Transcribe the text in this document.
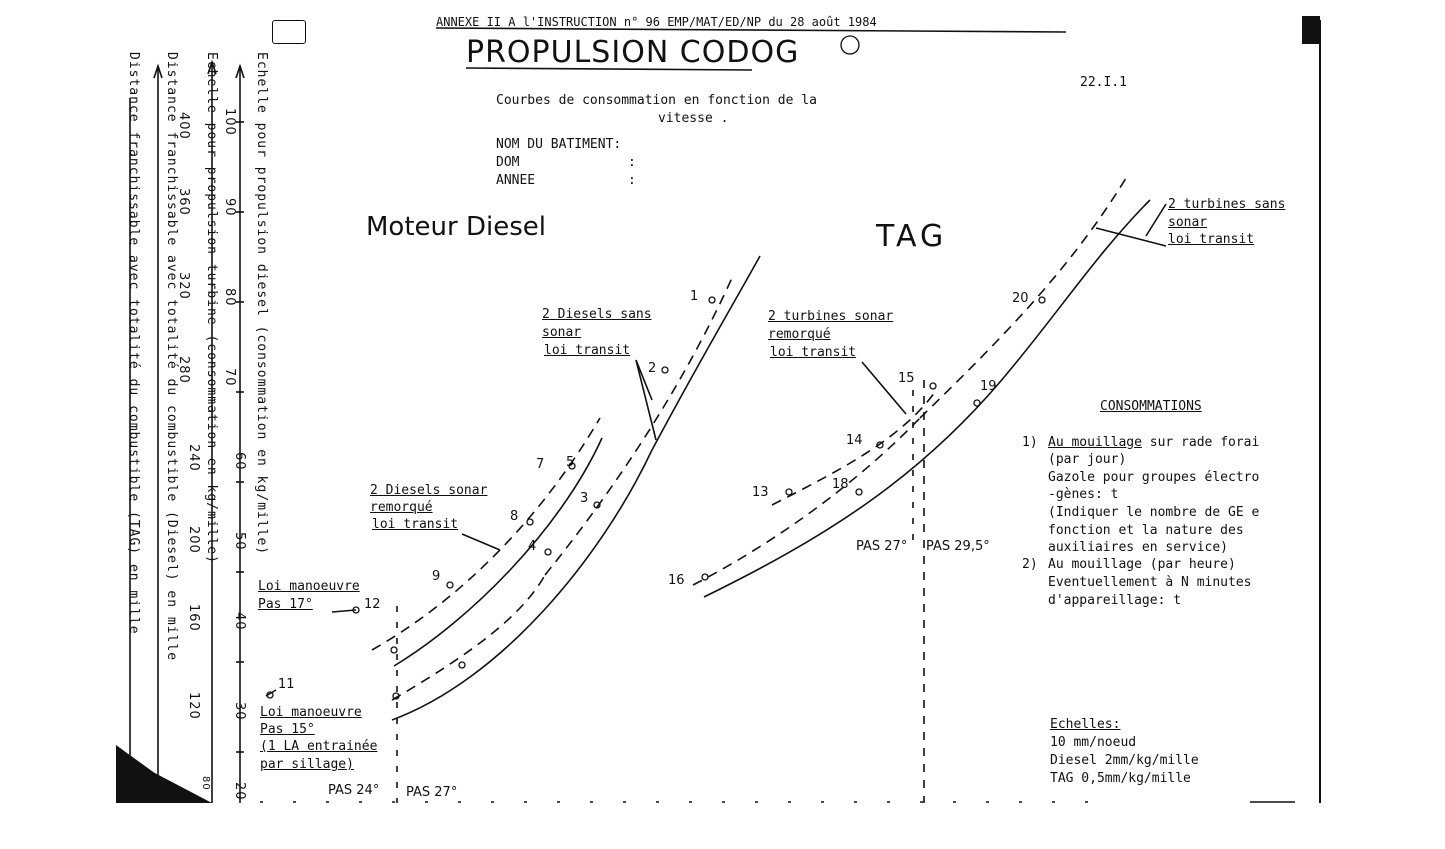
ANNEXE II A l'INSTRUCTION n° 96 EMP/MAT/ED/NP du 28 août 1984
PROPULSION CODOG
22.I.1
Courbes de consommation en fonction de la
vitesse .
NOM DU BATIMENT:
DOM	:
ANNEE	:
Moteur Diesel	TAG
Echelle pour propulsion diesel (consommation en kg/mille)
Echelle pour propulsion turbine (consommation en kg/mille)
Distance franchissable avec totalité du combustible (Diesel) en mille
Distance franchissable avec totalité du combustible (TAG) en mille	100
90
80
70
60
50
40
30
20
400
360
320
280
240
200
160
120
80
2 Diesels sans
sonar
loi transit
2 Diesels sonar
remorqué
loi transit
2 turbines sonar
remorqué
loi transit
2 turbines sans
sonar
loi transit
Loi manoeuvre
Pas 17°
Loi manoeuvre
Pas 15°
(1 LA entrainée
par sillage)
PAS 24° PAS 27°
PAS 27° PAS 29,5°
1
2
3
4
5
7
8
9
11
12
13
14
15
16
18
19
20
CONSOMMATIONS
1) Au mouillage sur rade forai
(par jour)
Gazole pour groupes électro
-gènes: t
(Indiquer le nombre de GE e
fonction et la nature des
auxiliaires en service)
2) Au mouillage (par heure)
Eventuellement à N minutes
d'appareillage: t
Echelles:
10 mm/noeud
Diesel 2mm/kg/mille
TAG 0,5mm/kg/mille
